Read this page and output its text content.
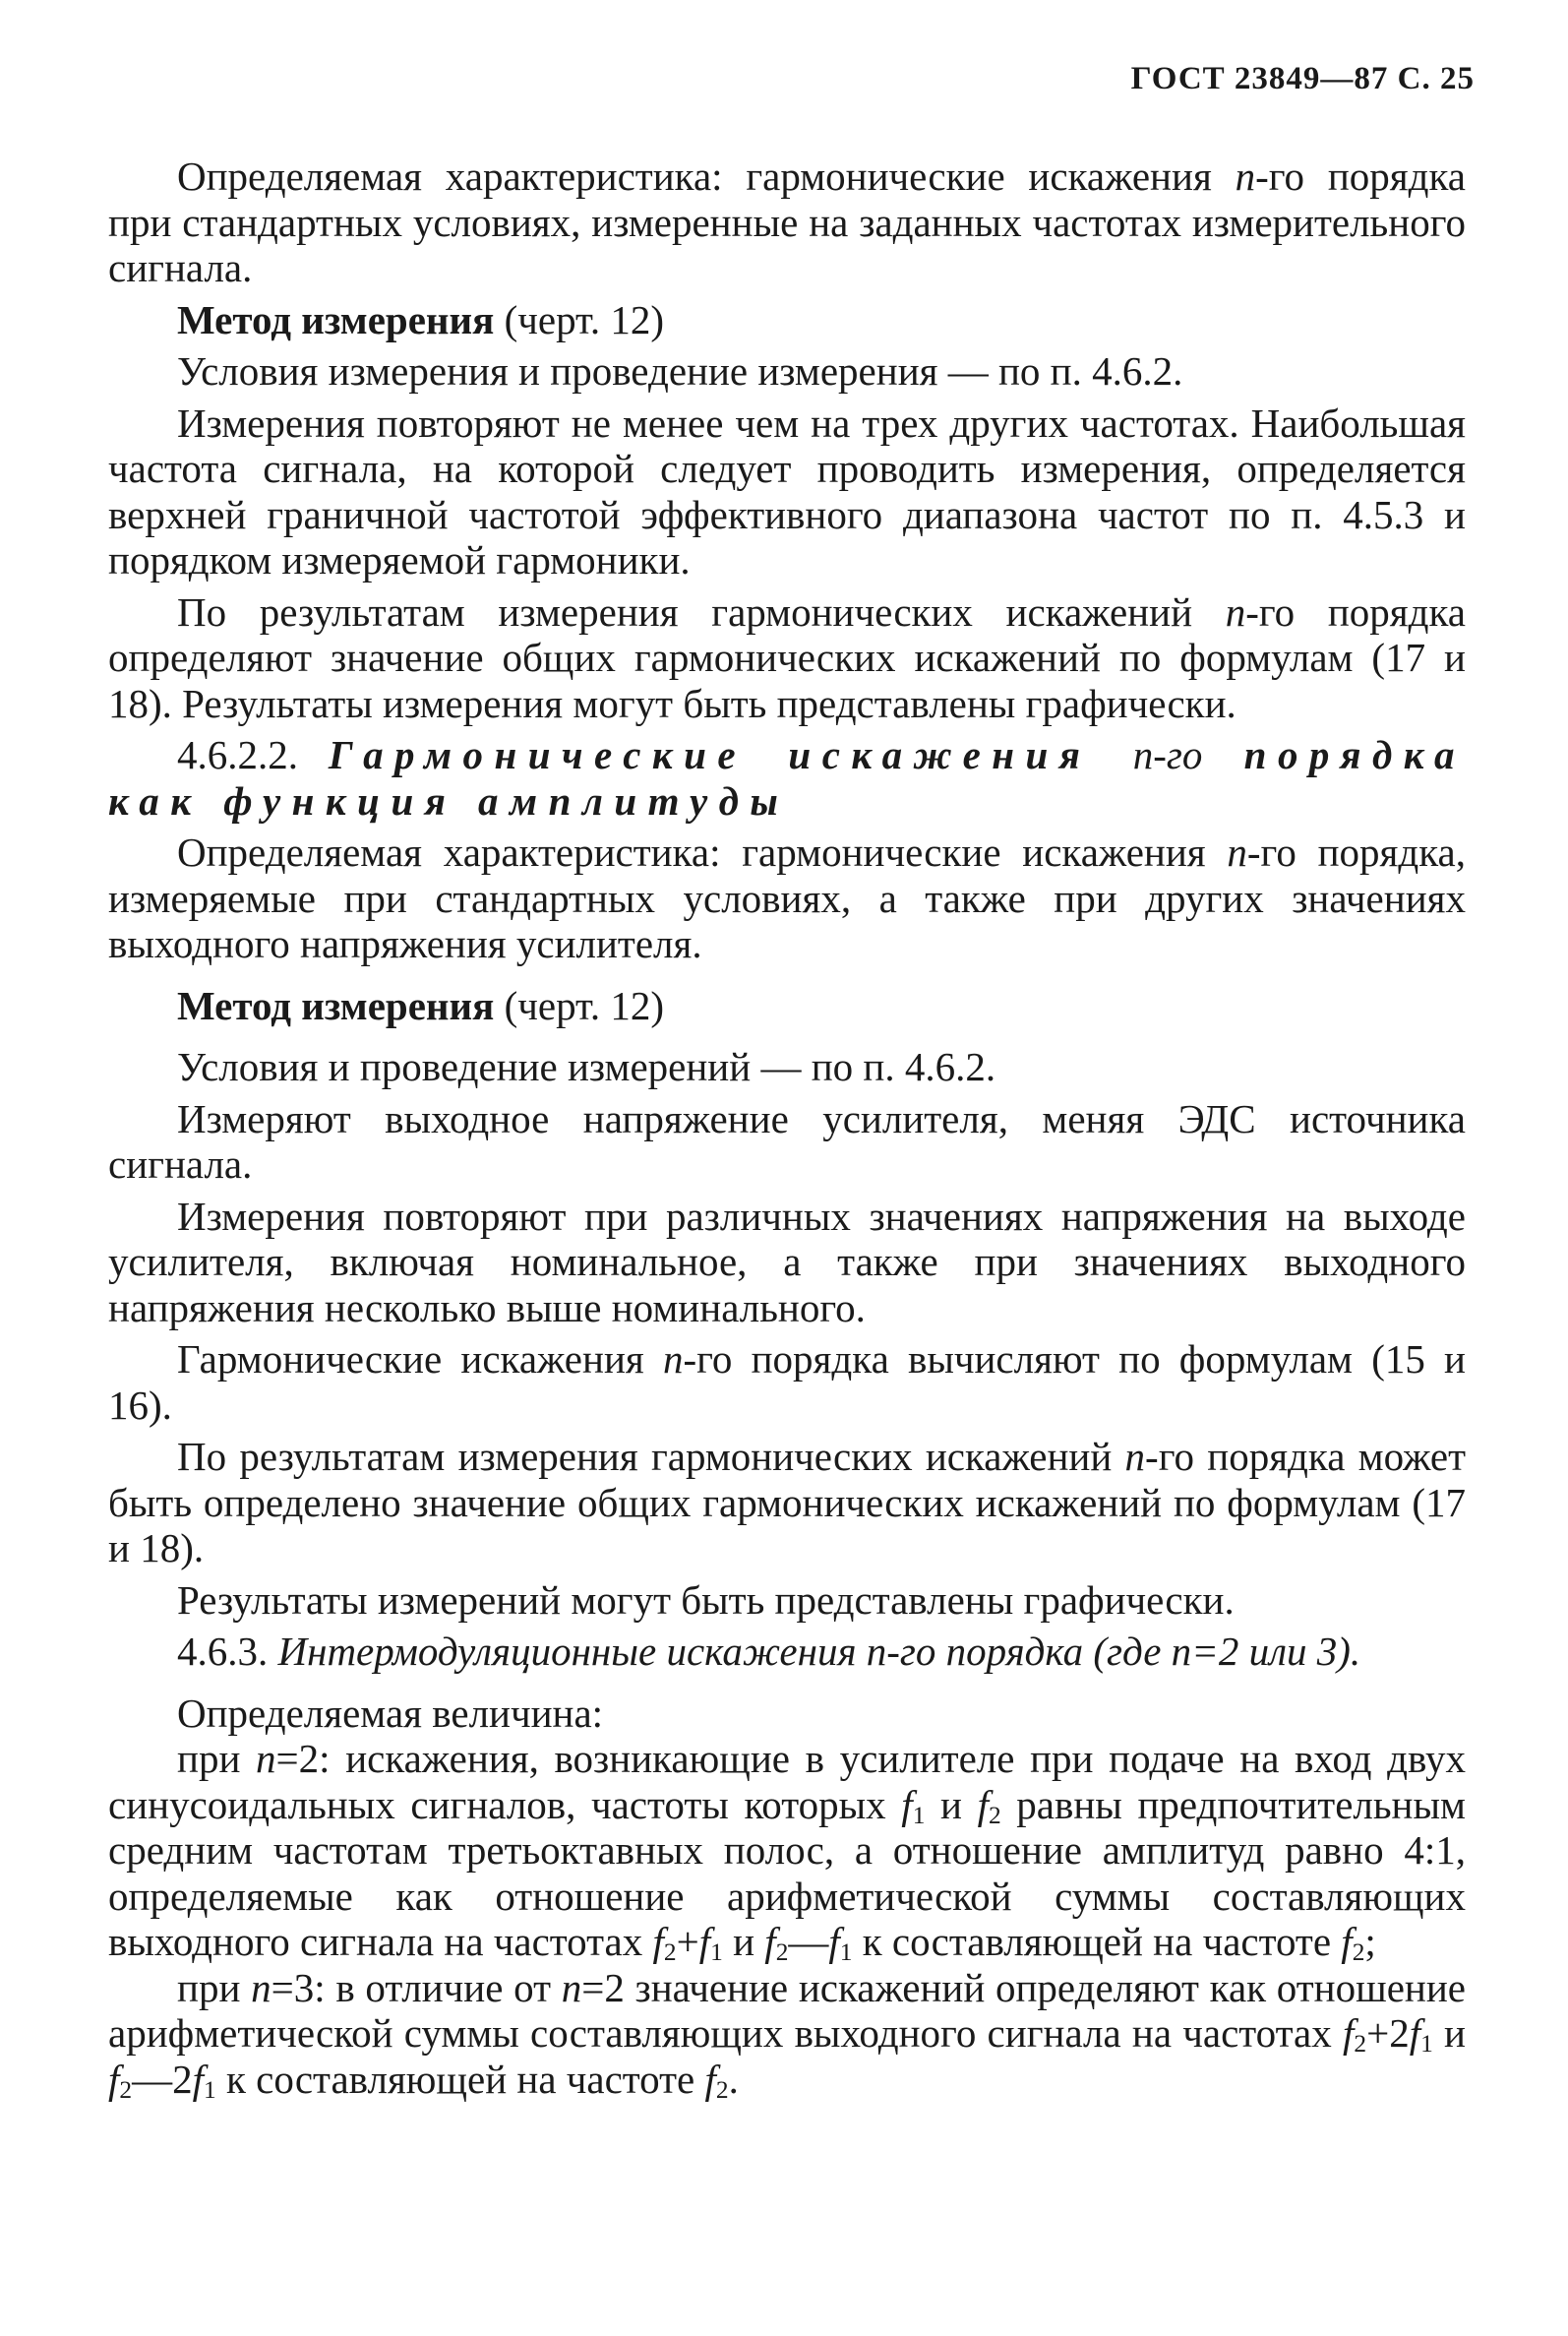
ГОСТ 23849—87 С. 25

Определяемая характеристика: гармонические искажения n-го порядка при стандартных условиях, измеренные на заданных частотах измерительного сигнала.

Метод измерения (черт. 12)

Условия измерения и проведение измерения — по п. 4.6.2.

Измерения повторяют не менее чем на трех других частотах. Наибольшая частота сигнала, на которой следует проводить измерения, определяется верхней граничной частотой эффективного диапазона частот по п. 4.5.3 и порядком измеряемой гармоники.

По результатам измерения гармонических искажений n-го порядка определяют значение общих гармонических искажений по формулам (17 и 18). Результаты измерения могут быть представлены графически.

4.6.2.2. Гармонические искажения n-го порядка как функция амплитуды

Определяемая характеристика: гармонические искажения n-го порядка, измеряемые при стандартных условиях, а также при других значениях выходного напряжения усилителя.

Метод измерения (черт. 12)

Условия и проведение измерений — по п. 4.6.2.

Измеряют выходное напряжение усилителя, меняя ЭДС источника сигнала.

Измерения повторяют при различных значениях напряжения на выходе усилителя, включая номинальное, а также при значениях выходного напряжения несколько выше номинального.

Гармонические искажения n-го порядка вычисляют по формулам (15 и 16).

По результатам измерения гармонических искажений n-го порядка может быть определено значение общих гармонических искажений по формулам (17 и 18).

Результаты измерений могут быть представлены графически.

4.6.3. Интермодуляционные искажения n-го порядка (где n=2 или 3).

Определяемая величина:

при n=2: искажения, возникающие в усилителе при подаче на вход двух синусоидальных сигналов, частоты которых $f_1$ и $f_2$ равны предпочтительным средним частотам третьоктавных полос, а отношение амплитуд равно 4:1, определяемые как отношение арифметической суммы составляющих выходного сигнала на частотах $f_2+f_1$ и $f_2—f_1$ к составляющей на частоте $f_2$;

при n=3: в отличие от n=2 значение искажений определяют как отношение арифметической суммы составляющих выходного сигнала на частотах $f_2+2f_1$ и $f_2—2f_1$ к составляющей на частоте $f_2$.
